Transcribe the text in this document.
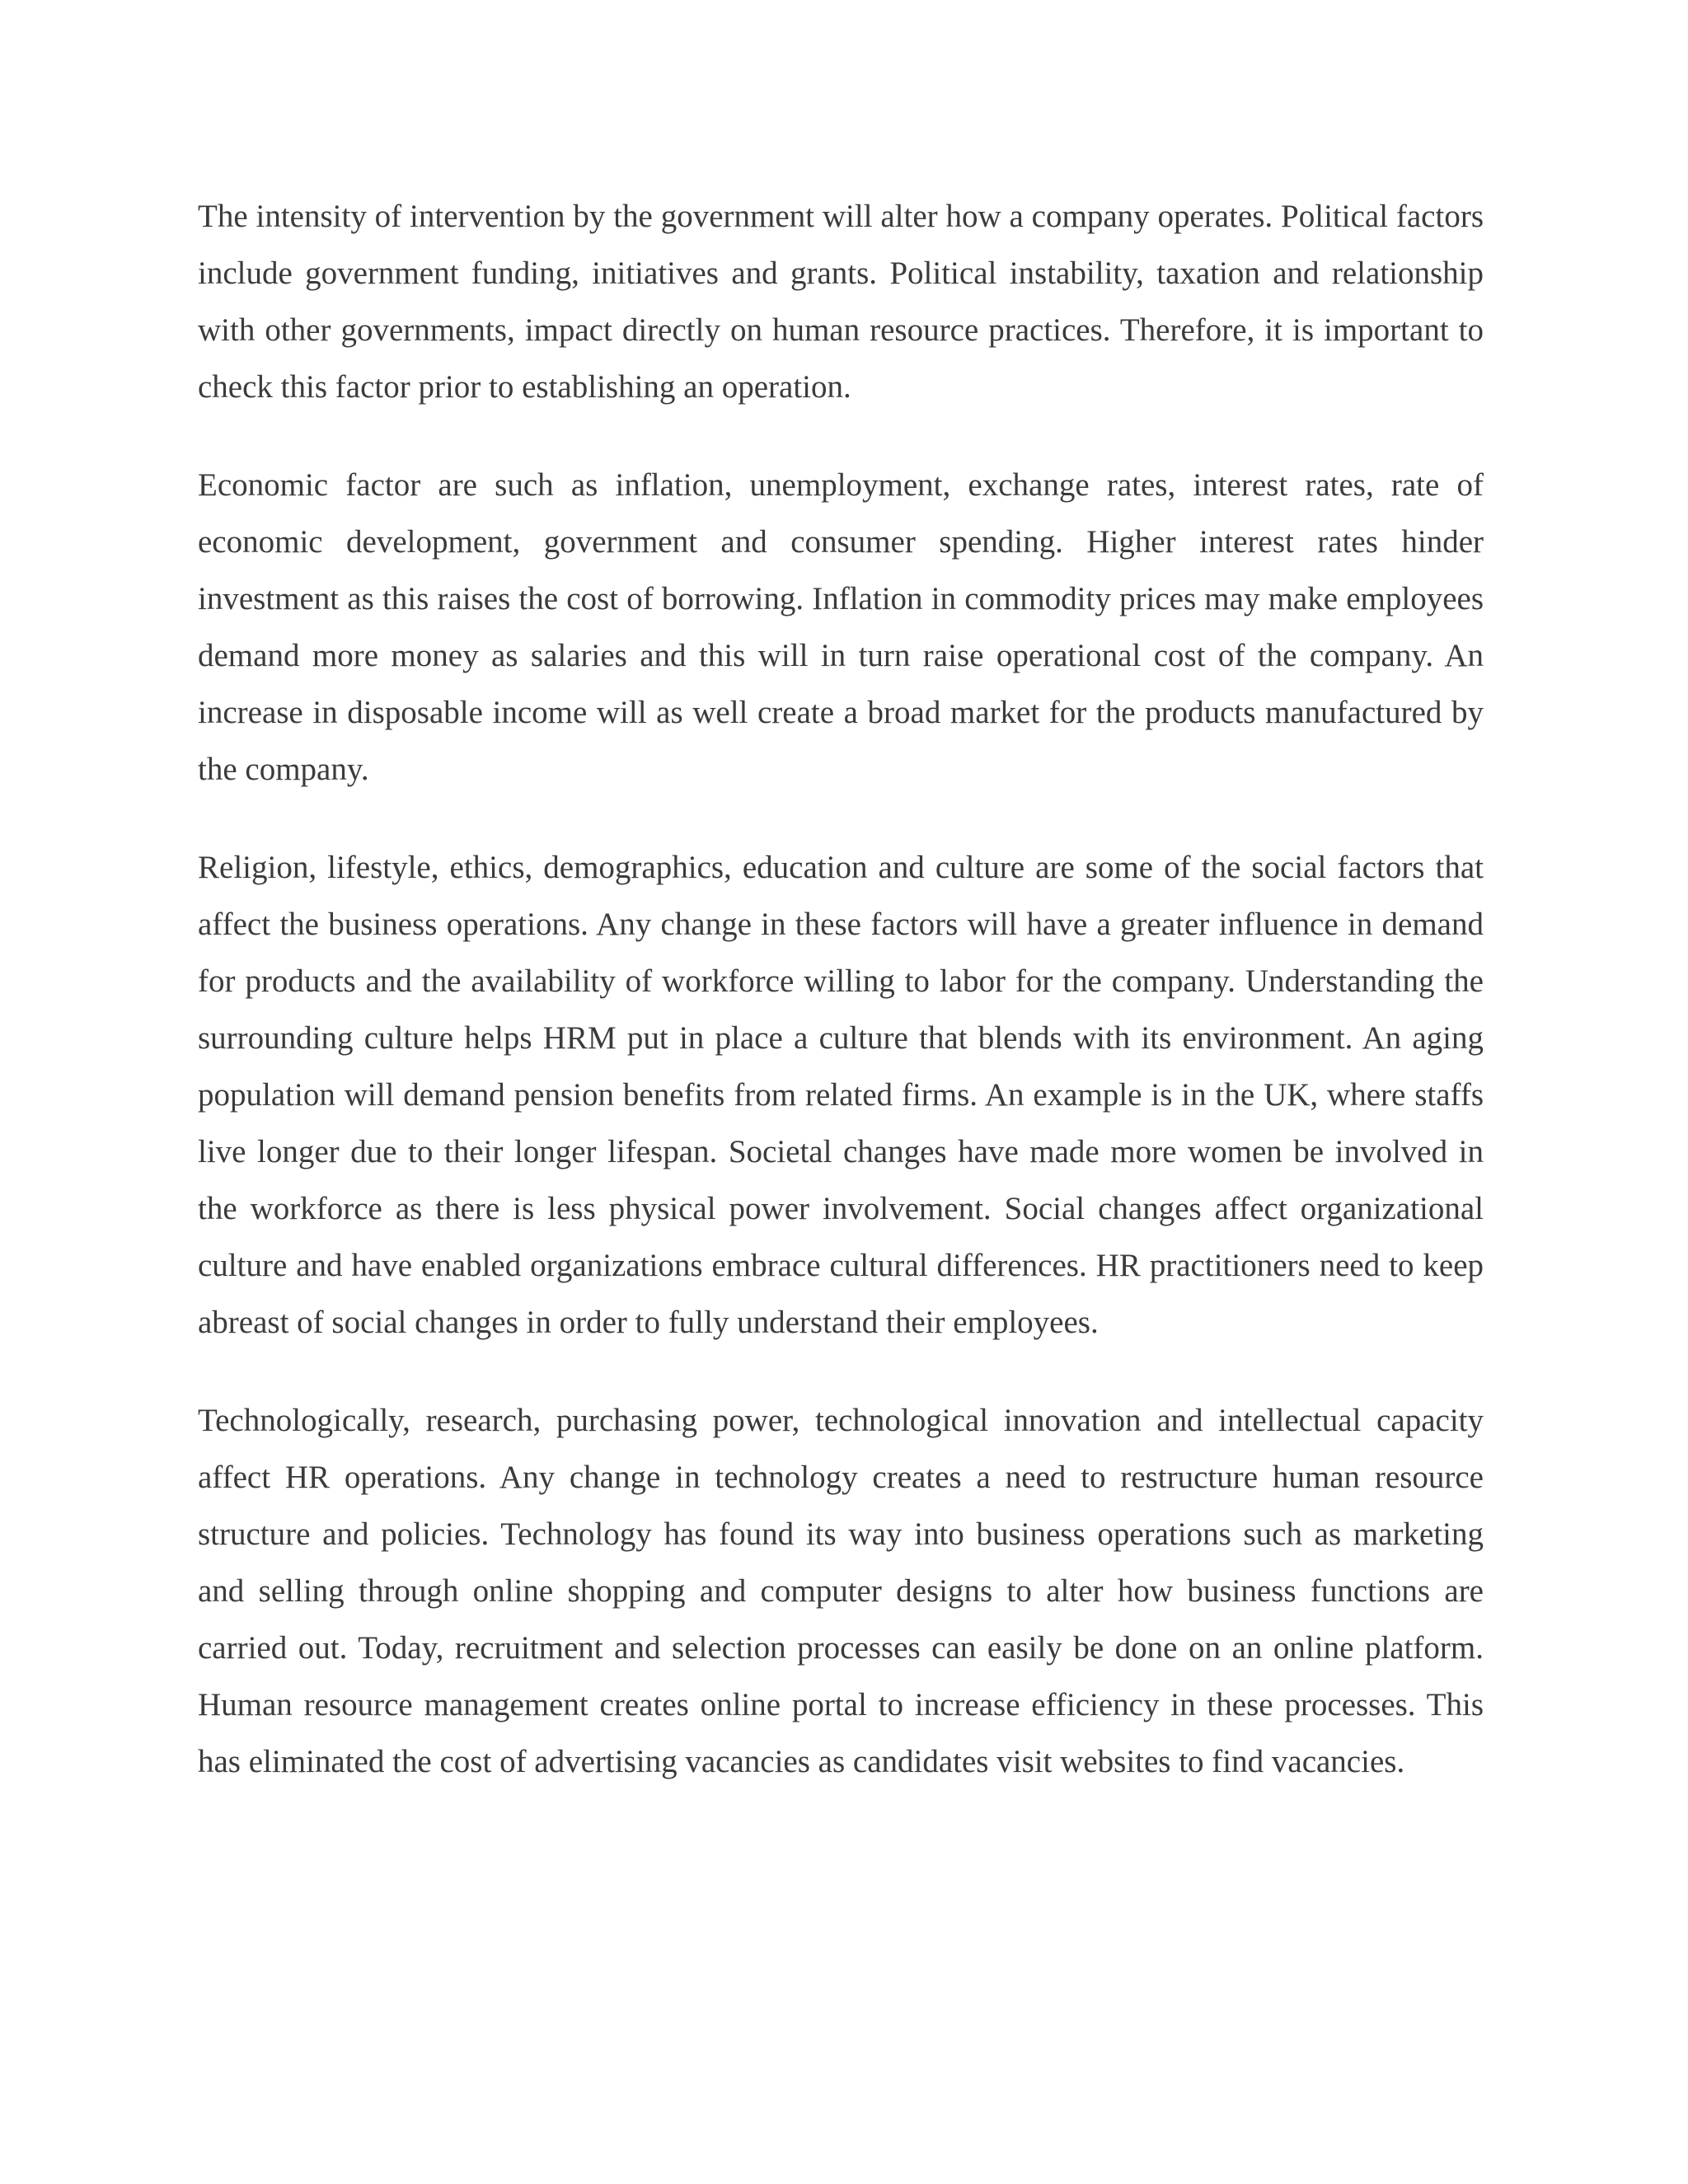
The intensity of intervention by the government will alter how a company operates. Political factors include government funding, initiatives and grants. Political instability, taxation and relationship with other governments, impact directly on human resource practices. Therefore, it is important to check this factor prior to establishing an operation.

Economic factor are such as inflation, unemployment, exchange rates, interest rates, rate of economic development, government and consumer spending. Higher interest rates hinder investment as this raises the cost of borrowing. Inflation in commodity prices may make employees demand more money as salaries and this will in turn raise operational cost of the company. An increase in disposable income will as well create a broad market for the products manufactured by the company.

Religion, lifestyle, ethics, demographics, education and culture are some of the social factors that affect the business operations. Any change in these factors will have a greater influence in demand for products and the availability of workforce willing to labor for the company. Understanding the surrounding culture helps HRM put in place a culture that blends with its environment. An aging population will demand pension benefits from related firms. An example is in the UK, where staffs live longer due to their longer lifespan. Societal changes have made more women be involved in the workforce as there is less physical power involvement. Social changes affect organizational culture and have enabled organizations embrace cultural differences. HR practitioners need to keep abreast of social changes in order to fully understand their employees.

Technologically, research, purchasing power, technological innovation and intellectual capacity affect HR operations. Any change in technology creates a need to restructure human resource structure and policies. Technology has found its way into business operations such as marketing and selling through online shopping and computer designs to alter how business functions are carried out. Today, recruitment and selection processes can easily be done on an online platform. Human resource management creates online portal to increase efficiency in these processes. This has eliminated the cost of advertising vacancies as candidates visit websites to find vacancies.
